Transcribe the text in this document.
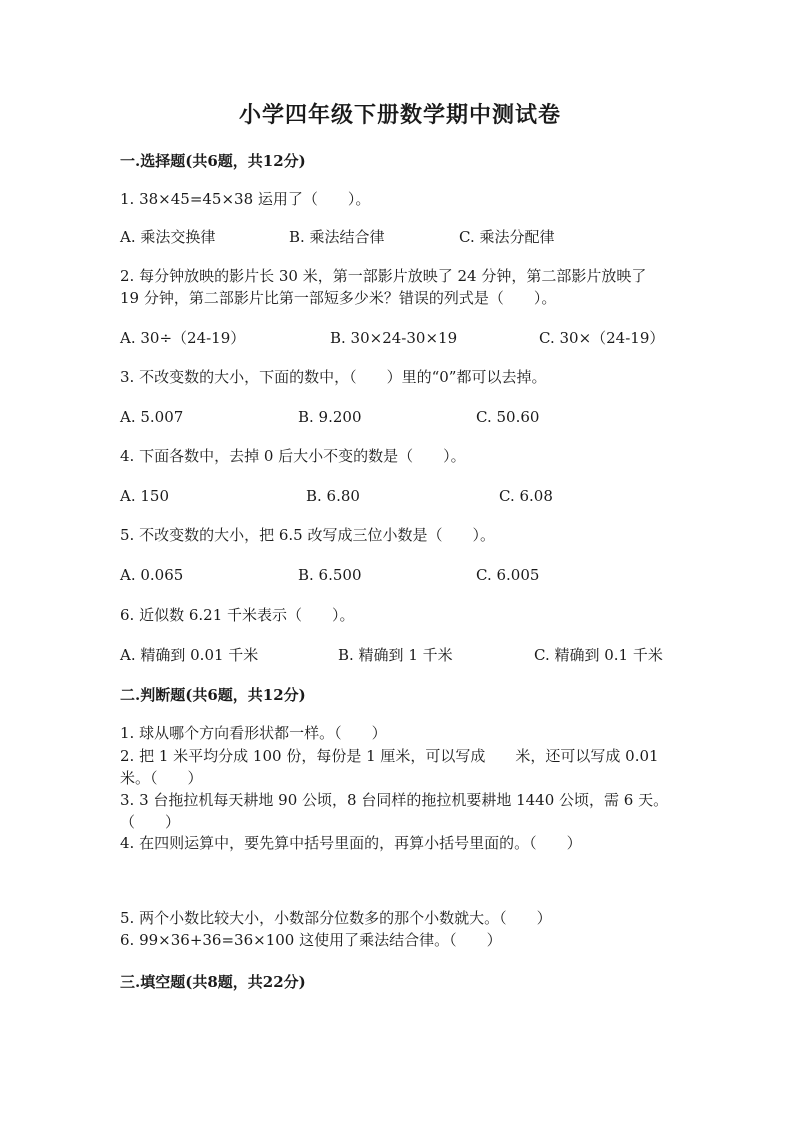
小学四年级下册数学期中测试卷
一.选择题(共6题，共12分)
1. 38×45=45×38 运用了（　　）。
A. 乘法交换律	B. 乘法结合律	C. 乘法分配律
2. 每分钟放映的影片长 30 米，第一部影片放映了 24 分钟，第二部影片放映了
19 分钟，第二部影片比第一部短多少米？错误的列式是（　　）。
A. 30÷（24-19）	B. 30×24-30×19	C. 30×（24-19）
3. 不改变数的大小，下面的数中，（　　）里的“0”都可以去掉。
A. 5.007	B. 9.200	C. 50.60
4. 下面各数中，去掉 0 后大小不变的数是（　　）。
A. 150	B. 6.80	C. 6.08
5. 不改变数的大小，把 6.5 改写成三位小数是（　　）。
A. 0.065	B. 6.500	C. 6.005
6. 近似数 6.21 千米表示（　　）。
A. 精确到 0.01 千米	B. 精确到 1 千米	C. 精确到 0.1 千米
二.判断题(共6题，共12分)
1. 球从哪个方向看形状都一样。（　　）
2. 把 1 米平均分成 100 份，每份是 1 厘米，可以写成　　米，还可以写成 0.01
米。（　　）
3. 3 台拖拉机每天耕地 90 公顷，8 台同样的拖拉机要耕地 1440 公顷，需 6 天。
（　　）
4. 在四则运算中，要先算中括号里面的，再算小括号里面的。（　　）
5. 两个小数比较大小，小数部分位数多的那个小数就大。（　　）
6. 99×36+36=36×100 这使用了乘法结合律。（　　）
三.填空题(共8题，共22分)
